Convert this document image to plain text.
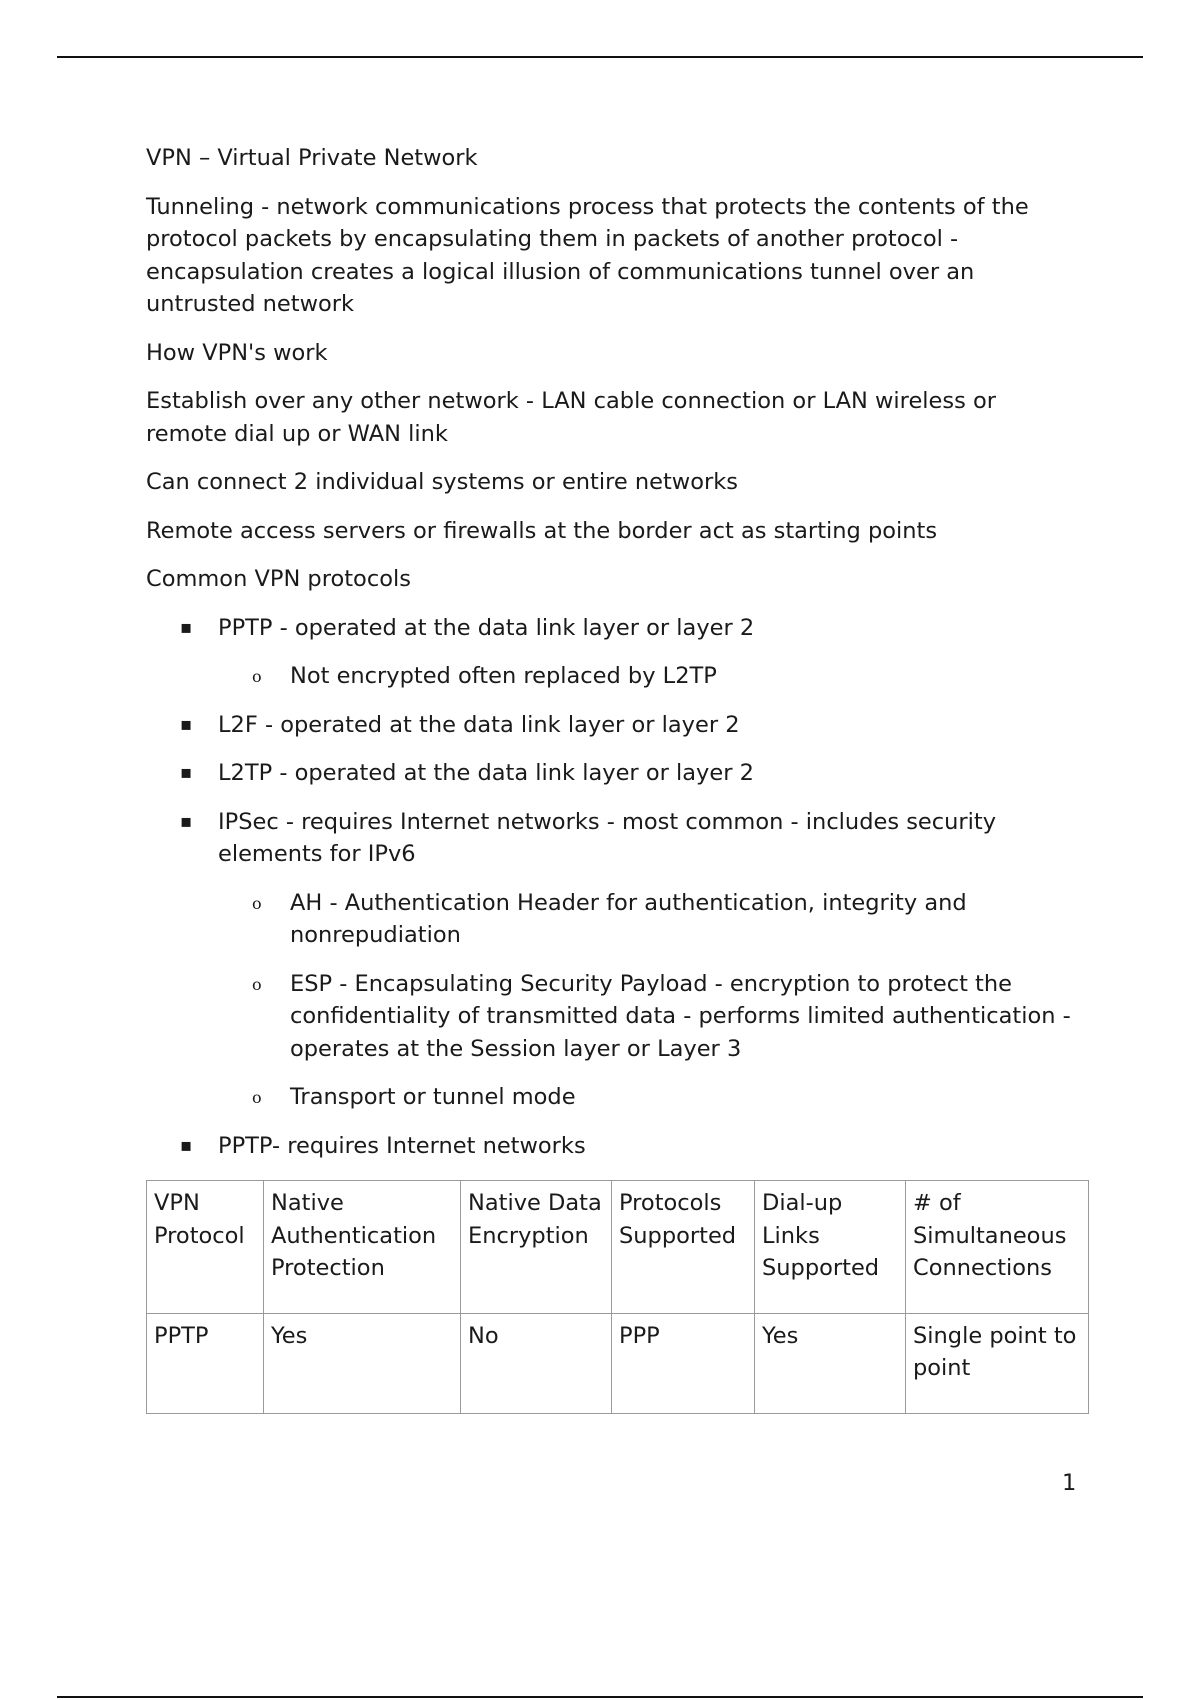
VPN – Virtual Private Network

Tunneling - network communications process that protects the contents of the protocol packets by encapsulating them in packets of another protocol - encapsulation creates a logical illusion of communications tunnel over an untrusted network

How VPN's work

Establish over any other network - LAN cable connection or LAN wireless or remote dial up or WAN link

Can connect 2 individual systems or entire networks

Remote access servers or firewalls at the border act as starting points

Common VPN protocols

▪ PPTP - operated at the data link layer or layer 2
o Not encrypted often replaced by L2TP
▪ L2F - operated at the data link layer or layer 2
▪ L2TP - operated at the data link layer or layer 2
▪ IPSec - requires Internet networks - most common - includes security elements for IPv6
o AH - Authentication Header for authentication, integrity and nonrepudiation
o ESP - Encapsulating Security Payload - encryption to protect the confidentiality of transmitted data - performs limited authentication - operates at the Session layer or Layer 3
o Transport or tunnel mode
▪ PPTP- requires Internet networks
VPN Protocol	Native Authentication Protection	Native Data Encryption	Protocols Supported	Dial-up Links Supported	# of Simultaneous Connections
PPTP	Yes	No	PPP	Yes	Single point to point
1
